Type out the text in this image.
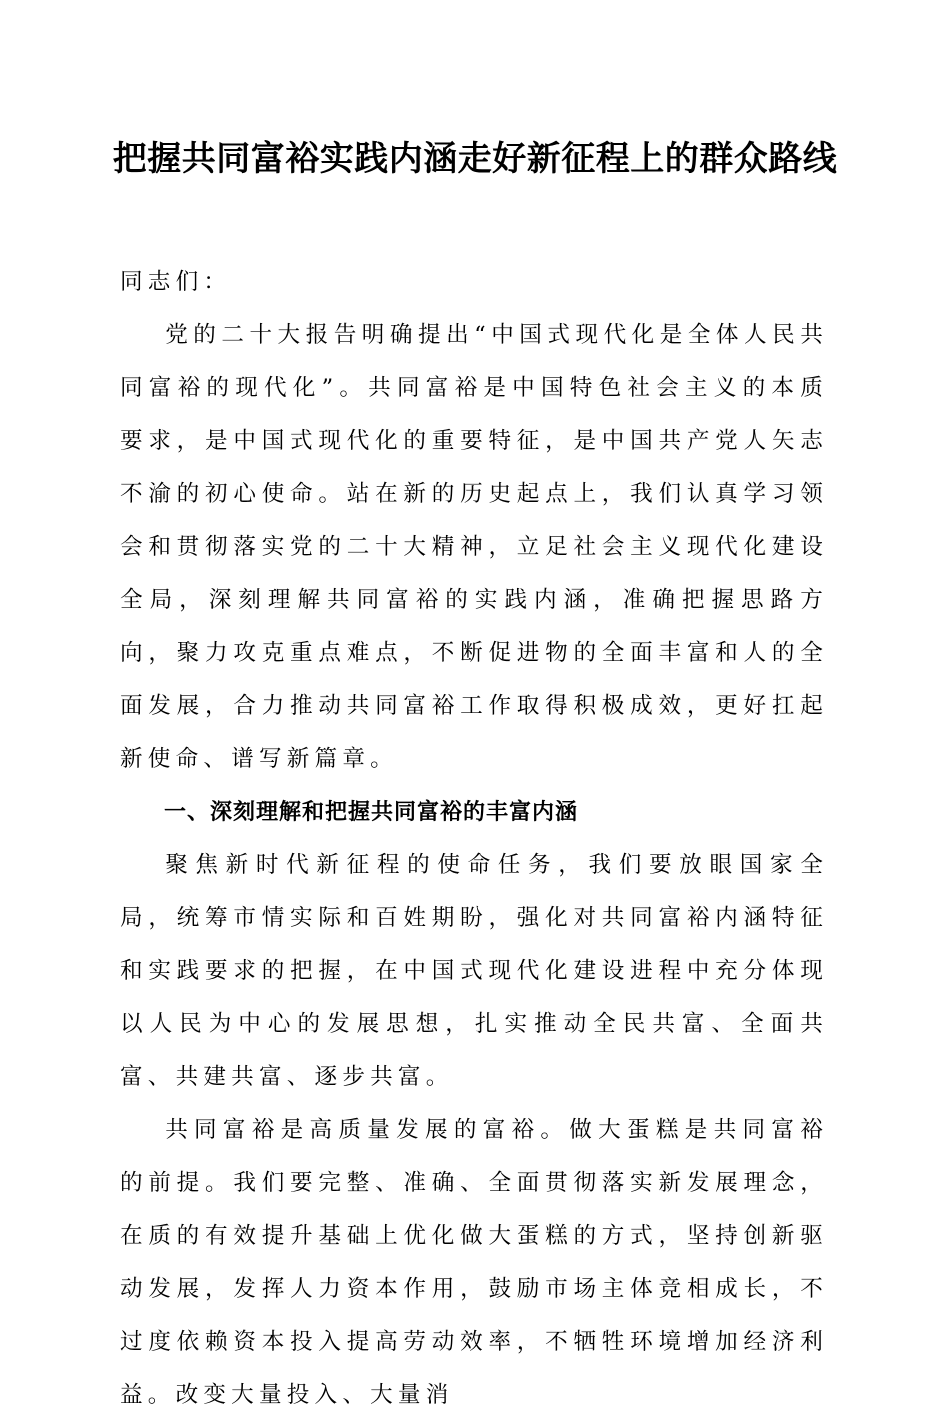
把握共同富裕实践内涵走好新征程上的群众路线

同志们：

党的二十大报告明确提出“中国式现代化是全体人民共同富裕的现代化”。共同富裕是中国特色社会主义的本质要求，是中国式现代化的重要特征，是中国共产党人矢志不渝的初心使命。站在新的历史起点上，我们认真学习领会和贯彻落实党的二十大精神，立足社会主义现代化建设全局，深刻理解共同富裕的实践内涵，准确把握思路方向，聚力攻克重点难点，不断促进物的全面丰富和人的全面发展，合力推动共同富裕工作取得积极成效，更好扛起新使命、谱写新篇章。

一、深刻理解和把握共同富裕的丰富内涵

聚焦新时代新征程的使命任务，我们要放眼国家全局，统筹市情实际和百姓期盼，强化对共同富裕内涵特征和实践要求的把握，在中国式现代化建设进程中充分体现以人民为中心的发展思想，扎实推动全民共富、全面共富、共建共富、逐步共富。

共同富裕是高质量发展的富裕。做大蛋糕是共同富裕的前提。我们要完整、准确、全面贯彻落实新发展理念，在质的有效提升基础上优化做大蛋糕的方式，坚持创新驱动发展，发挥人力资本作用，鼓励市场主体竞相成长，不过度依赖资本投入提高劳动效率，不牺牲环境增加经济利益。改变大量投入、大量消
